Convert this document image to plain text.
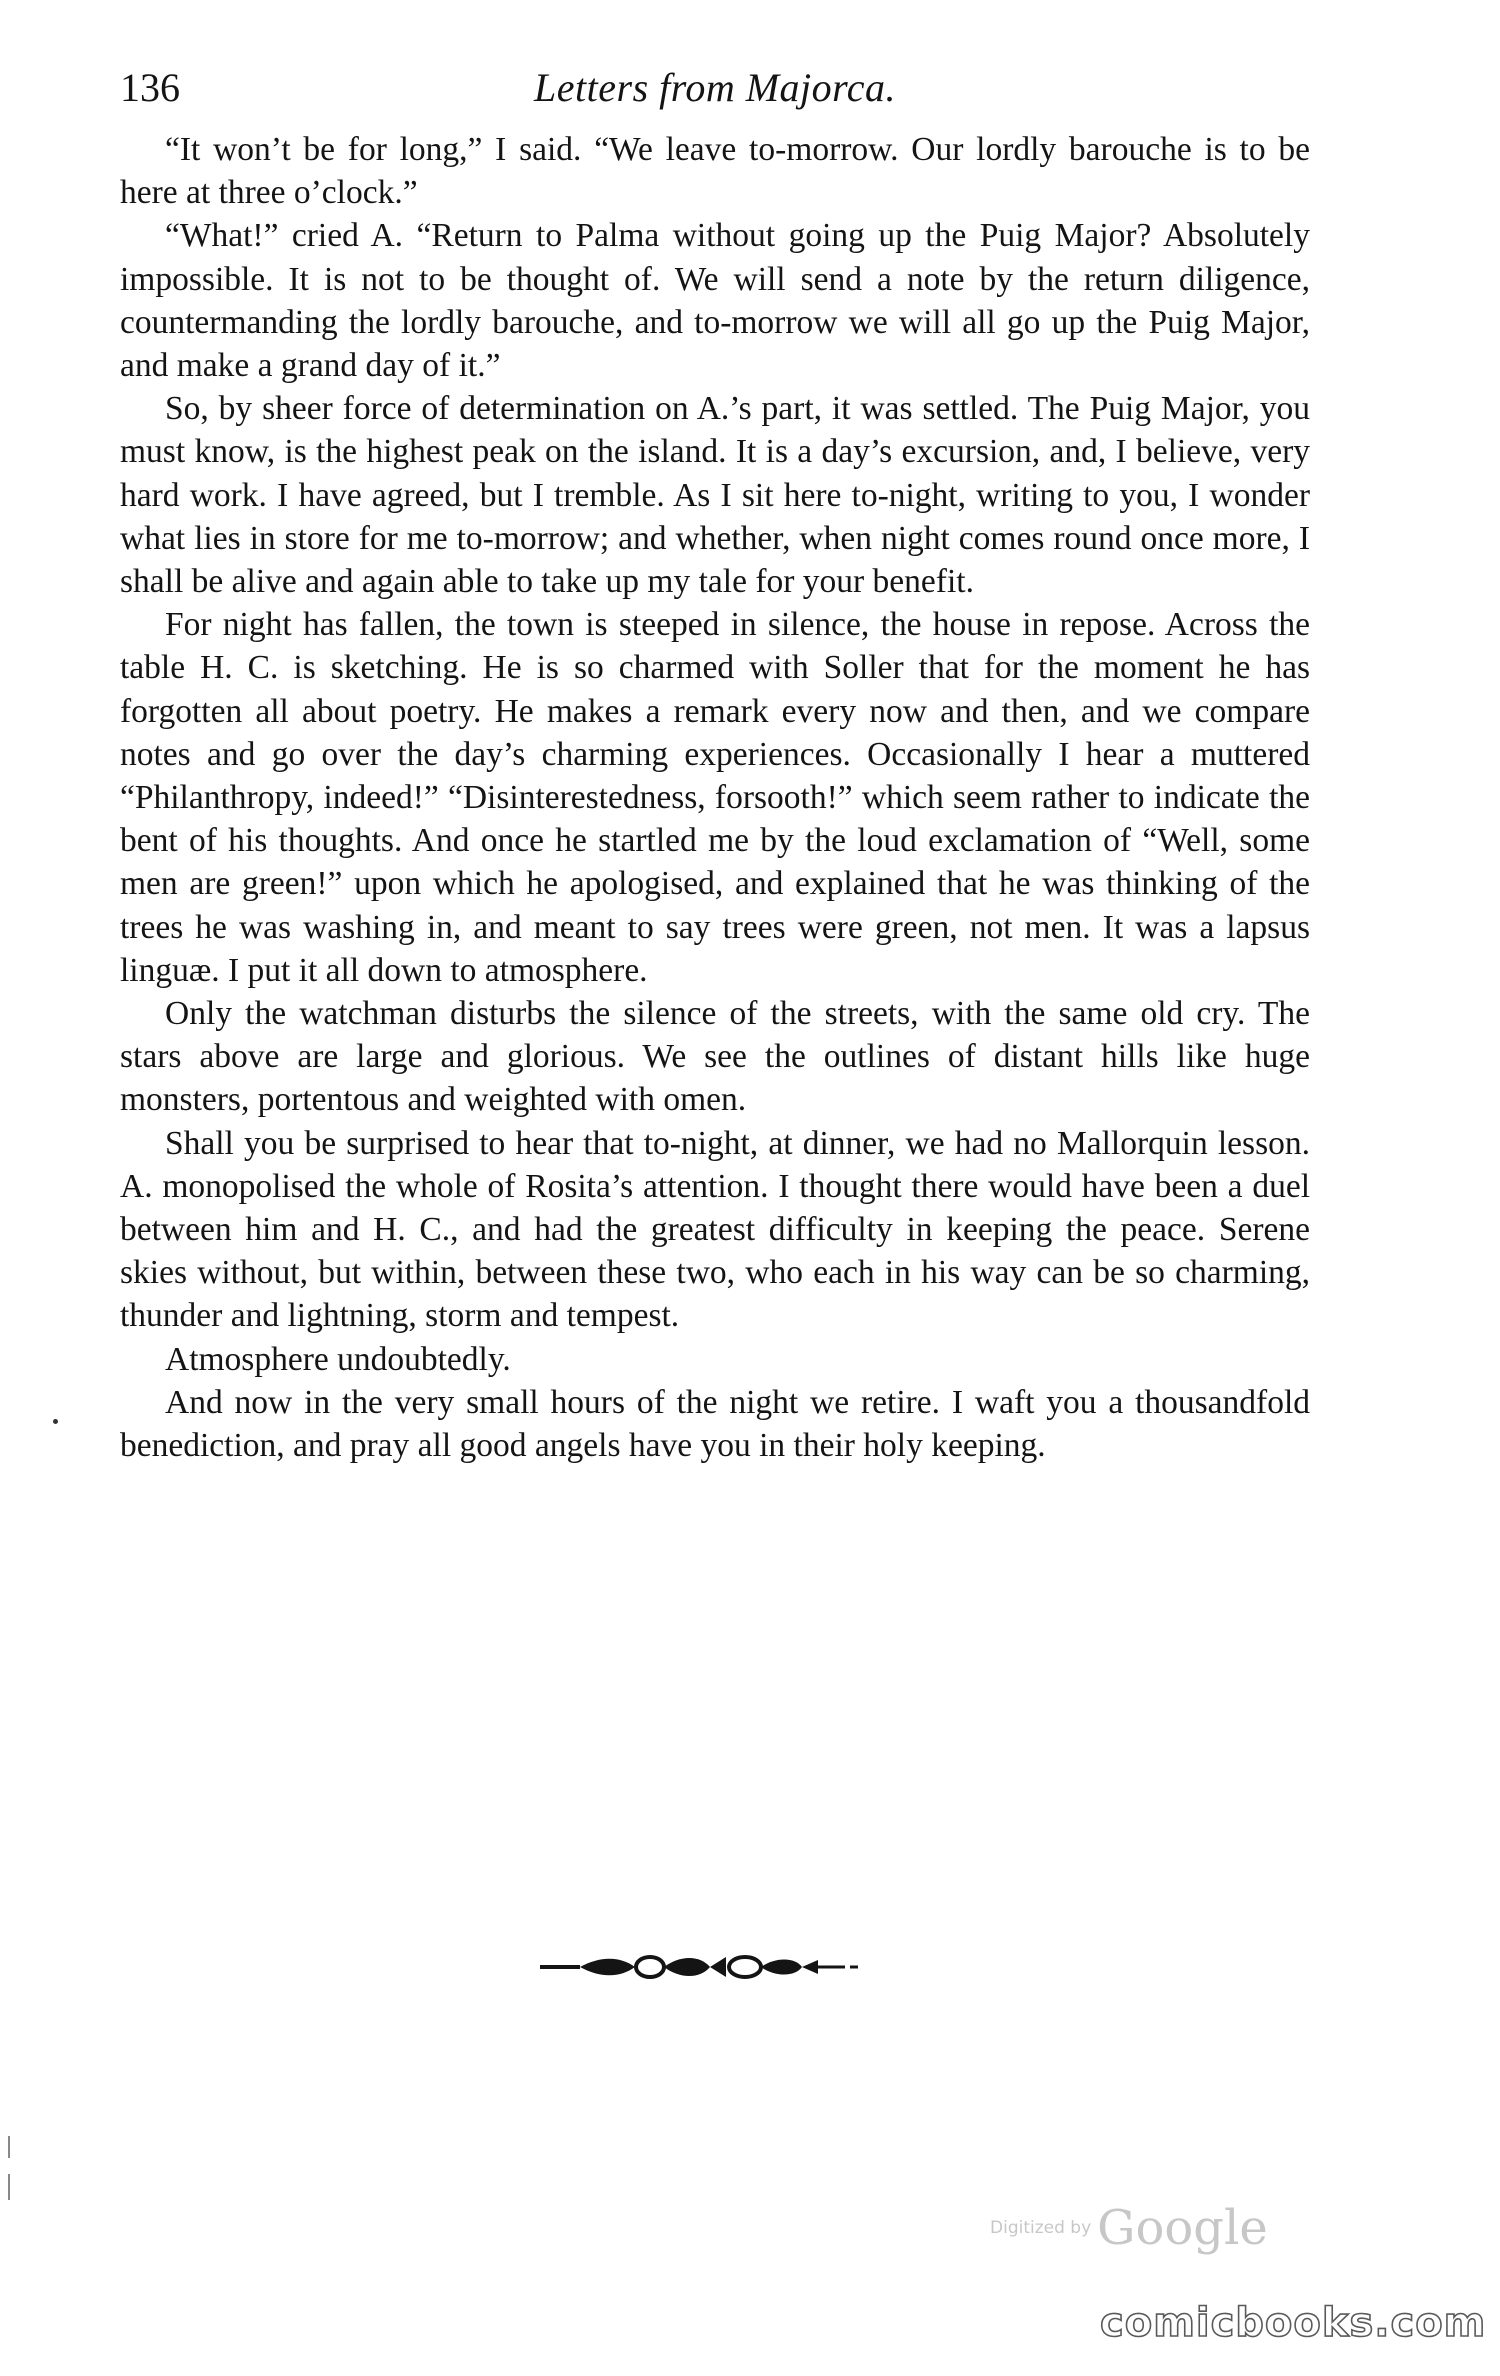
136	Letters from Majorca.

“It won’t be for long,” I said. “We leave to-morrow. Our lordly barouche is to be here at three o’clock.”

“What!” cried A. “Return to Palma without going up the Puig Major? Absolutely impossible. It is not to be thought of. We will send a note by the return diligence, countermanding the lordly barouche, and to-morrow we will all go up the Puig Major, and make a grand day of it.”

So, by sheer force of determination on A.’s part, it was settled. The Puig Major, you must know, is the highest peak on the island. It is a day’s excursion, and, I believe, very hard work. I have agreed, but I tremble. As I sit here to-night, writing to you, I wonder what lies in store for me to-morrow; and whether, when night comes round once more, I shall be alive and again able to take up my tale for your benefit.

For night has fallen, the town is steeped in silence, the house in repose. Across the table H. C. is sketching. He is so charmed with Soller that for the moment he has forgotten all about poetry. He makes a remark every now and then, and we compare notes and go over the day’s charming experiences. Occasionally I hear a muttered “Philanthropy, indeed!” “Disinterestedness, forsooth!” which seem rather to indicate the bent of his thoughts. And once he startled me by the loud exclamation of “Well, some men are green!” upon which he apologised, and explained that he was thinking of the trees he was washing in, and meant to say trees were green, not men. It was a lapsus linguæ. I put it all down to atmosphere.

Only the watchman disturbs the silence of the streets, with the same old cry. The stars above are large and glorious. We see the outlines of distant hills like huge monsters, portentous and weighted with omen.

Shall you be surprised to hear that to-night, at dinner, we had no Mallorquin lesson. A. monopolised the whole of Rosita’s attention. I thought there would have been a duel between him and H. C., and had the greatest difficulty in keeping the peace. Serene skies without, but within, between these two, who each in his way can be so charming, thunder and lightning, storm and tempest.

Atmosphere undoubtedly.

And now in the very small hours of the night we retire. I waft you a thousandfold benediction, and pray all good angels have you in their holy keeping.

Digitized by Google
comicbooks.com
